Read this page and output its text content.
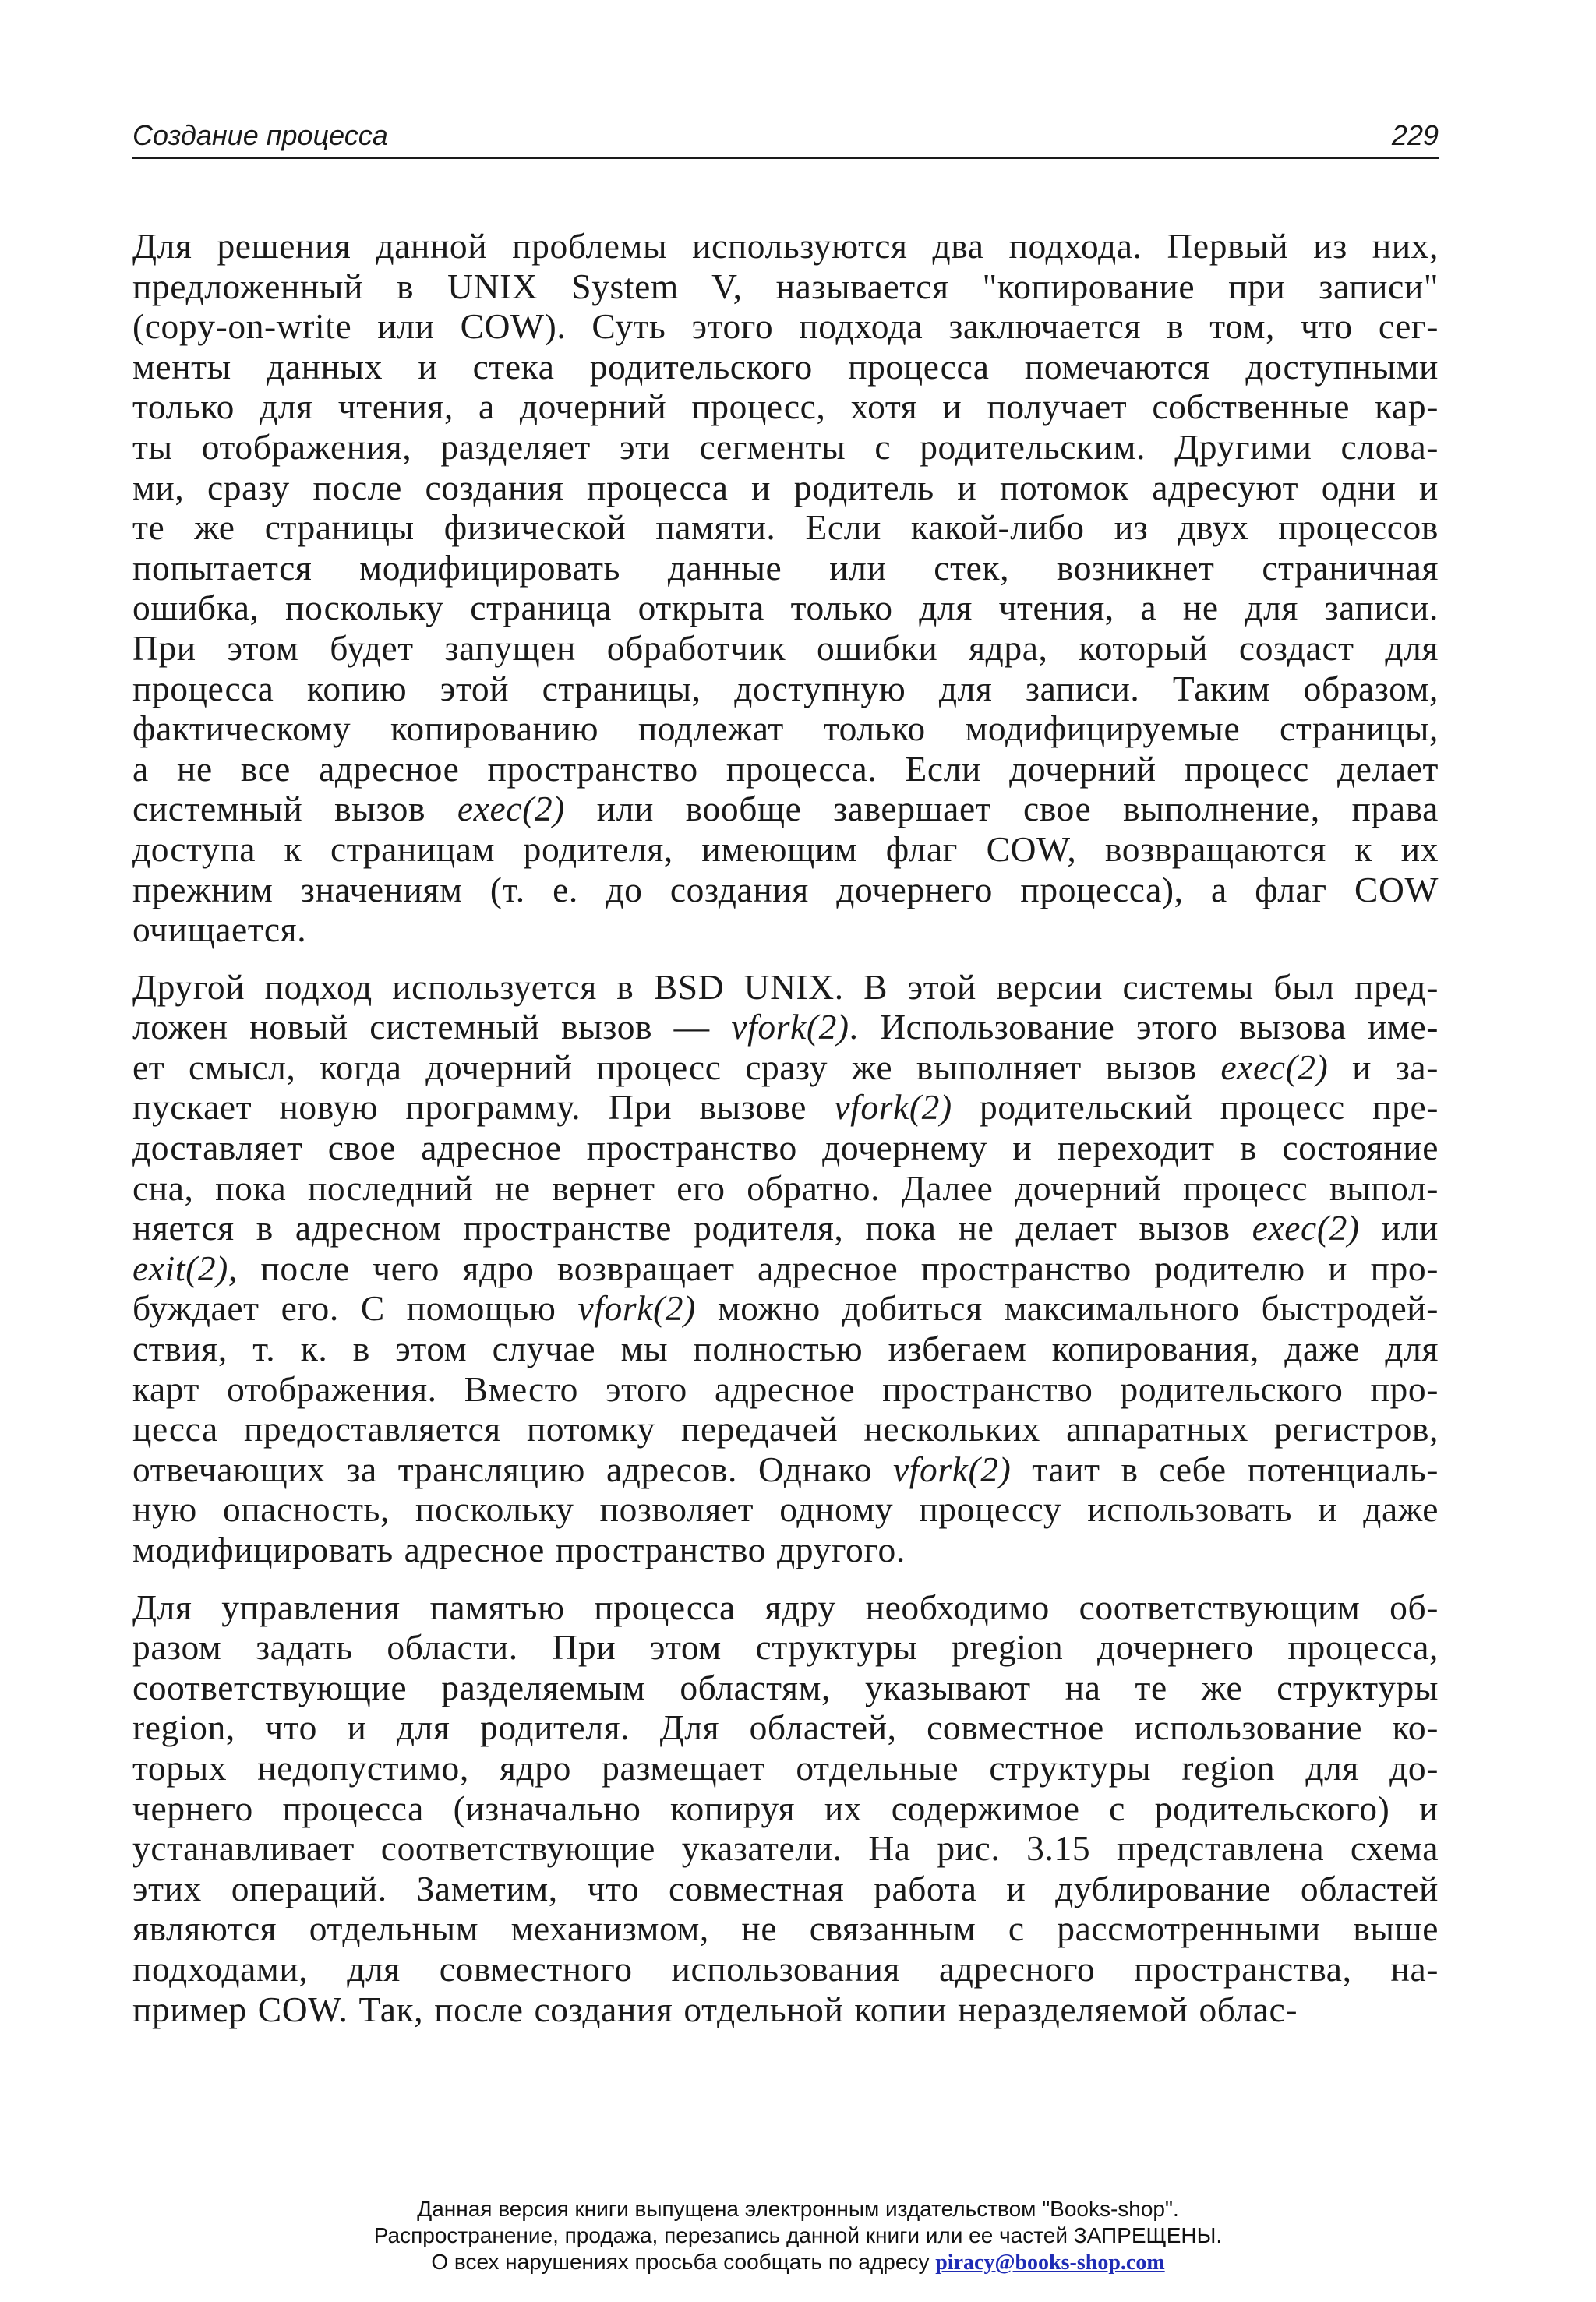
Создание процесса	229

Для решения данной проблемы используются два подхода. Первый из них,
предложенный в UNIX System V, называется "копирование при записи"
(copy-on-write или COW). Суть этого подхода заключается в том, что сег-
менты данных и стека родительского процесса помечаются доступными
только для чтения, а дочерний процесс, хотя и получает собственные кар-
ты отображения, разделяет эти сегменты с родительским. Другими слова-
ми, сразу после создания процесса и родитель и потомок адресуют одни и
те же страницы физической памяти. Если какой-либо из двух процессов
попытается модифицировать данные или стек, возникнет страничная
ошибка, поскольку страница открыта только для чтения, а не для записи.
При этом будет запущен обработчик ошибки ядра, который создаст для
процесса копию этой страницы, доступную для записи. Таким образом,
фактическому копированию подлежат только модифицируемые страницы,
а не все адресное пространство процесса. Если дочерний процесс делает
системный вызов exec(2) или вообще завершает свое выполнение, права
доступа к страницам родителя, имеющим флаг COW, возвращаются к их
прежним значениям (т. е. до создания дочернего процесса), а флаг COW
очищается.

Другой подход используется в BSD UNIX. В этой версии системы был пред-
ложен новый системный вызов — vfork(2). Использование этого вызова име-
ет смысл, когда дочерний процесс сразу же выполняет вызов exec(2) и за-
пускает новую программу. При вызове vfork(2) родительский процесс пре-
доставляет свое адресное пространство дочернему и переходит в состояние
сна, пока последний не вернет его обратно. Далее дочерний процесс выпол-
няется в адресном пространстве родителя, пока не делает вызов exec(2) или
exit(2), после чего ядро возвращает адресное пространство родителю и про-
буждает его. С помощью vfork(2) можно добиться максимального быстродей-
ствия, т. к. в этом случае мы полностью избегаем копирования, даже для
карт отображения. Вместо этого адресное пространство родительского про-
цесса предоставляется потомку передачей нескольких аппаратных регистров,
отвечающих за трансляцию адресов. Однако vfork(2) таит в себе потенциаль-
ную опасность, поскольку позволяет одному процессу использовать и даже
модифицировать адресное пространство другого.

Для управления памятью процесса ядру необходимо соответствующим об-
разом задать области. При этом структуры pregion дочернего процесса,
соответствующие разделяемым областям, указывают на те же структуры
region, что и для родителя. Для областей, совместное использование ко-
торых недопустимо, ядро размещает отдельные структуры region для до-
чернего процесса (изначально копируя их содержимое с родительского) и
устанавливает соответствующие указатели. На рис. 3.15 представлена схема
этих операций. Заметим, что совместная работа и дублирование областей
являются отдельным механизмом, не связанным с рассмотренными выше
подходами, для совместного использования адресного пространства, на-
пример COW. Так, после создания отдельной копии неразделяемой облас-

Данная версия книги выпущена электронным издательством "Books-shop".
Распространение, продажа, перезапись данной книги или ее частей ЗАПРЕЩЕНЫ.
О всех нарушениях просьба сообщать по адресу piracy@books-shop.com
